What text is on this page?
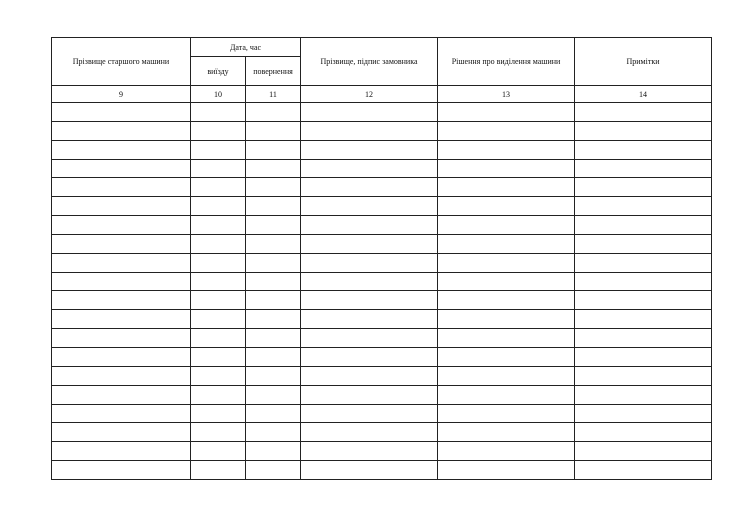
Прізвище старшого машини	Дата, час		Прізвище, підпис замовника	Рішення про виділення машини	Примітки
	виїзду	повернення			
9	10	11	12	13	14
